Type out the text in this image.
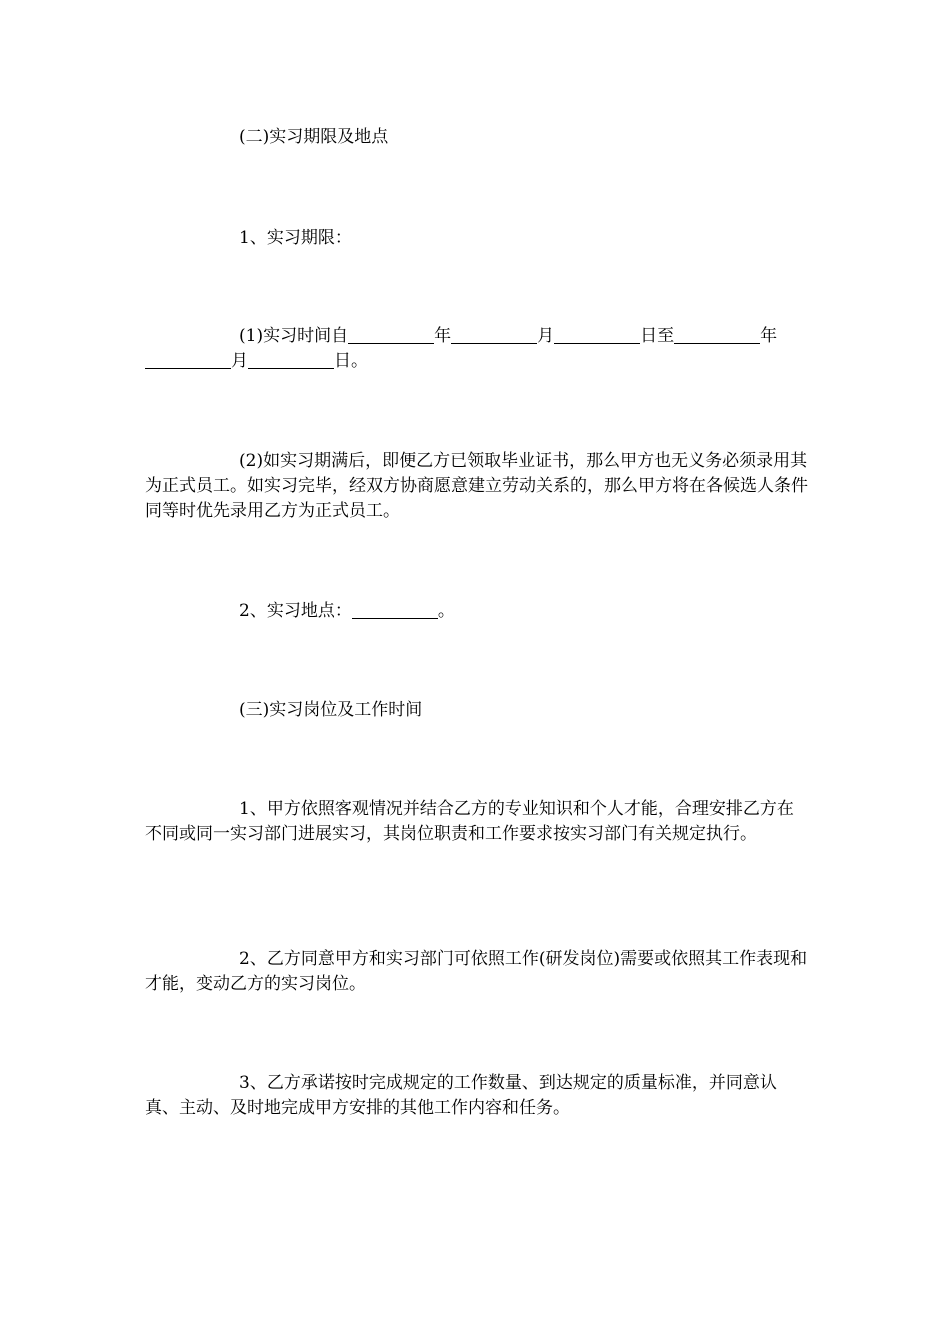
(二)实习期限及地点

1、实习期限：

(1)实习时间自	年	月	日至	年月	日。

(2)如实习期满后，即便乙方已领取毕业证书，那么甲方也无义务必须录用其为正式员工。如实习完毕，经双方协商愿意建立劳动关系的，那么甲方将在各候选人条件同等时优先录用乙方为正式员工。

2、实习地点：	。

(三)实习岗位及工作时间

1、甲方依照客观情况并结合乙方的专业知识和个人才能，合理安排乙方在不同或同一实习部门进展实习，其岗位职责和工作要求按实习部门有关规定执行。

2、乙方同意甲方和实习部门可依照工作(研发岗位)需要或依照其工作表现和才能，变动乙方的实习岗位。

3、乙方承诺按时完成规定的工作数量、到达规定的质量标准，并同意认真、主动、及时地完成甲方安排的其他工作内容和任务。
